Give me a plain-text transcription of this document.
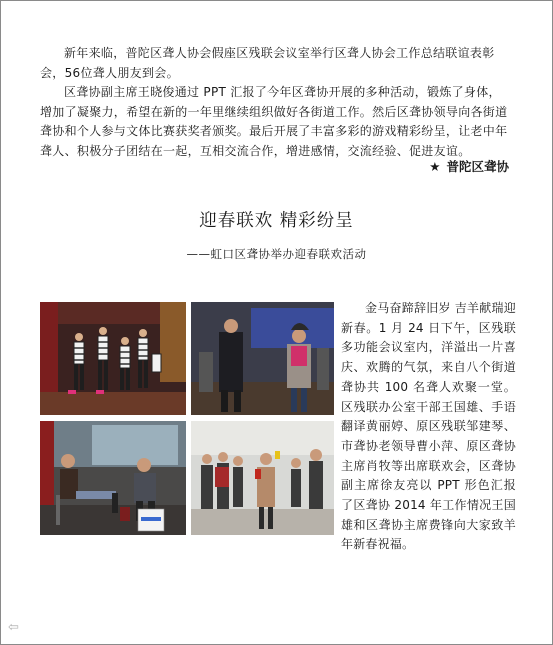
新年来临，普陀区聋人协会假座区残联会议室举行区聋人协会工作总结联谊表彰会，56位聋人朋友到会。

区聋协副主席王晓俊通过 PPT 汇报了今年区聋协开展的多种活动，锻炼了身体，增加了凝聚力，希望在新的一年里继续组织做好各街道工作。然后区聋协领导向各街道聋协和个人参与文体比赛获奖者颁奖。最后开展了丰富多彩的游戏精彩纷呈，让老中年聋人、积极分子团结在一起，互相交流合作，增进感情，交流经验、促进友谊。

★ 普陀区聋协
迎春联欢 精彩纷呈
——虹口区聋协举办迎春联欢活动

金马奋蹄辞旧岁 吉羊献瑞迎新春。1 月 24 日下午，区残联多功能会议室内，洋溢出一片喜庆、欢腾的气氛，来自八个街道聋协共 100 名聋人欢聚一堂。区残联办公室干部王国雄、手语翻译黄丽婷、原区残联邹建琴、市聋协老领导曹小萍、原区聋协主席肖牧等出席联欢会，区聋协副主席徐友亮以 PPT 形色汇报了区聋协 2014 年工作情况王国雄和区聋协主席费锋向大家致羊年新春祝福。

⇦
